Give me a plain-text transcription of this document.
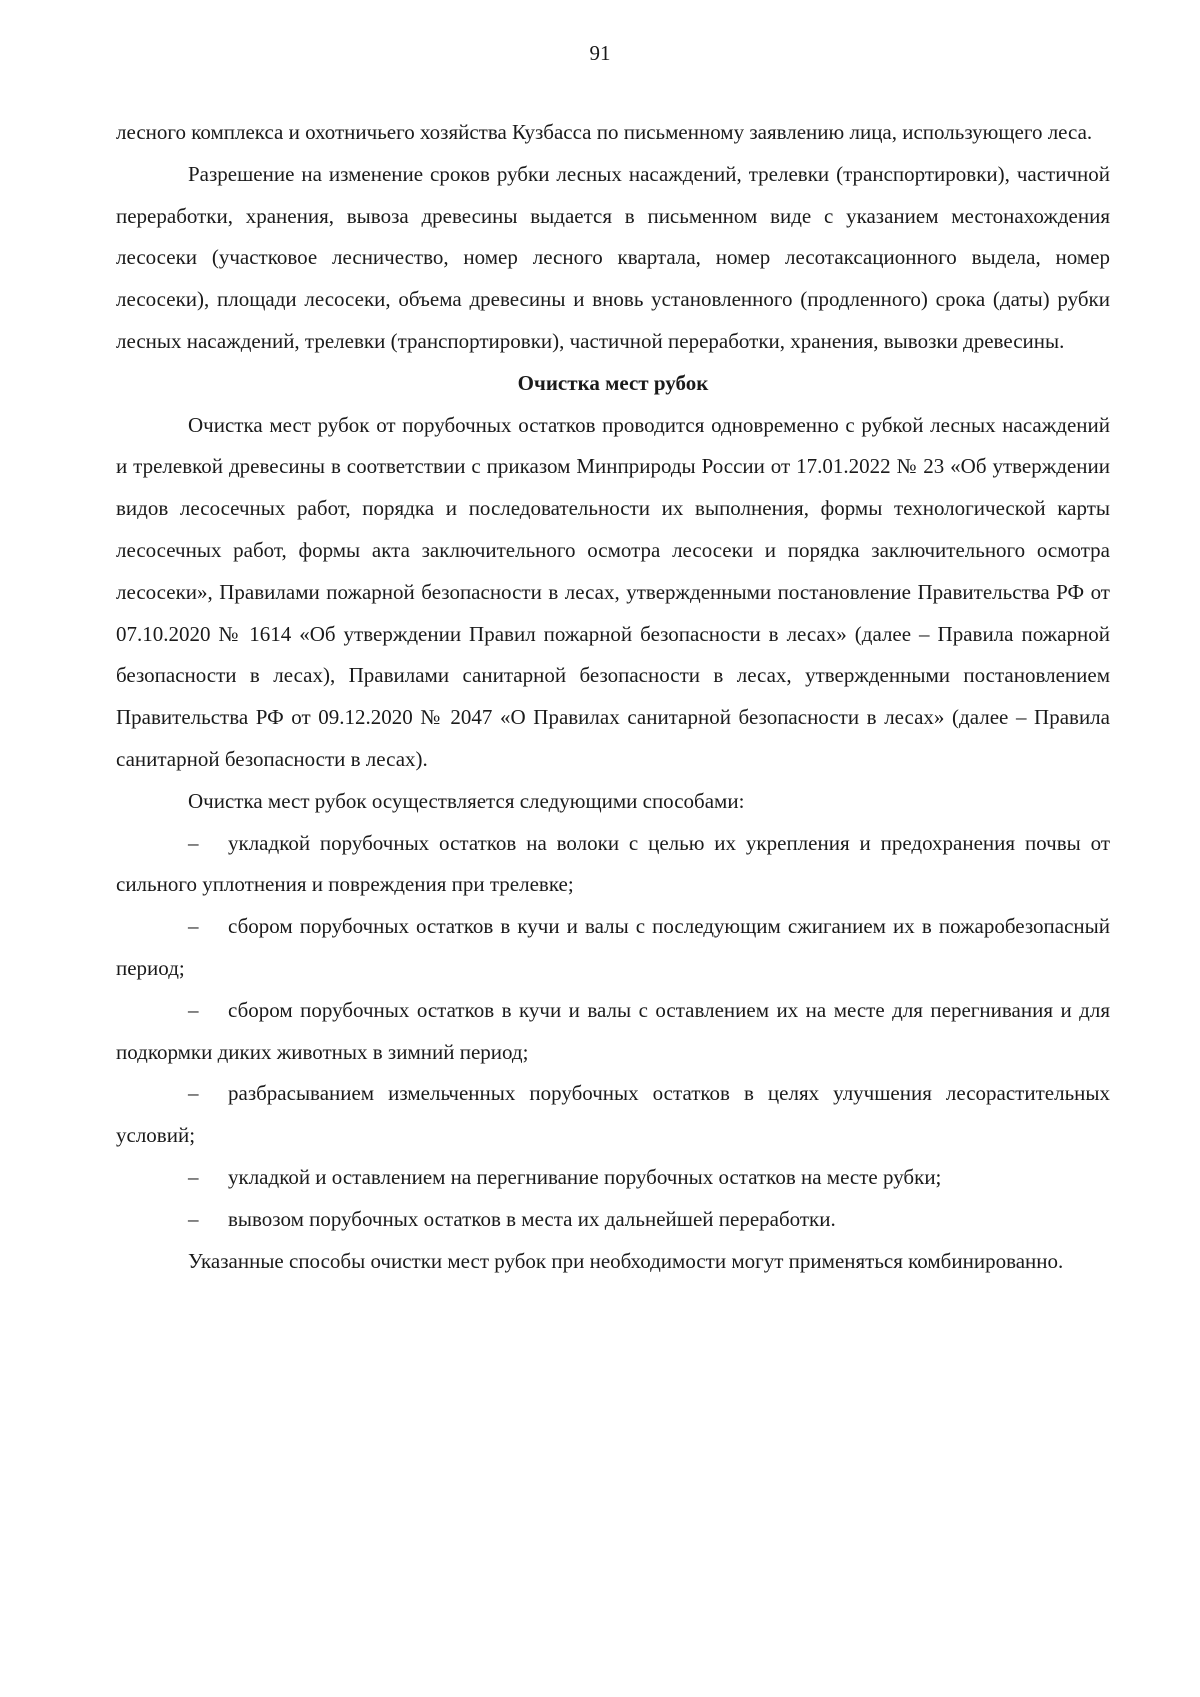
91

лесного комплекса и охотничьего хозяйства Кузбасса по письменному заявлению лица, использующего леса.

Разрешение на изменение сроков рубки лесных насаждений, трелевки (транспортировки), частичной переработки, хранения, вывоза древесины выдается в письменном виде с указанием местонахождения лесосеки (участковое лесничество, номер лесного квартала, номер лесотаксационного выдела, номер лесосеки), площади лесосеки, объема древесины и вновь установленного (продленного) срока (даты) рубки лесных насаждений, трелевки (транспортировки), частичной переработки, хранения, вывозки древесины.

Очистка мест рубок

Очистка мест рубок от порубочных остатков проводится одновременно с рубкой лесных насаждений и трелевкой древесины в соответствии с приказом Минприроды России от 17.01.2022 № 23 «Об утверждении видов лесосечных работ, порядка и последовательности их выполнения, формы технологической карты лесосечных работ, формы акта заключительного осмотра лесосеки и порядка заключительного осмотра лесосеки», Правилами пожарной безопасности в лесах, утвержденными постановление Правительства РФ от 07.10.2020 № 1614 «Об утверждении Правил пожарной безопасности в лесах» (далее – Правила пожарной безопасности в лесах), Правилами санитарной безопасности в лесах, утвержденными постановлением Правительства РФ от 09.12.2020 № 2047 «О Правилах санитарной безопасности в лесах» (далее – Правила санитарной безопасности в лесах).

Очистка мест рубок осуществляется следующими способами:

– укладкой порубочных остатков на волоки с целью их укрепления и предохранения почвы от сильного уплотнения и повреждения при трелевке;

– сбором порубочных остатков в кучи и валы с последующим сжиганием их в пожаробезопасный период;

– сбором порубочных остатков в кучи и валы с оставлением их на месте для перегнивания и для подкормки диких животных в зимний период;

– разбрасыванием измельченных порубочных остатков в целях улучшения лесорастительных условий;

– укладкой и оставлением на перегнивание порубочных остатков на месте рубки;

– вывозом порубочных остатков в места их дальнейшей переработки.

Указанные способы очистки мест рубок при необходимости могут применяться комбинированно.
